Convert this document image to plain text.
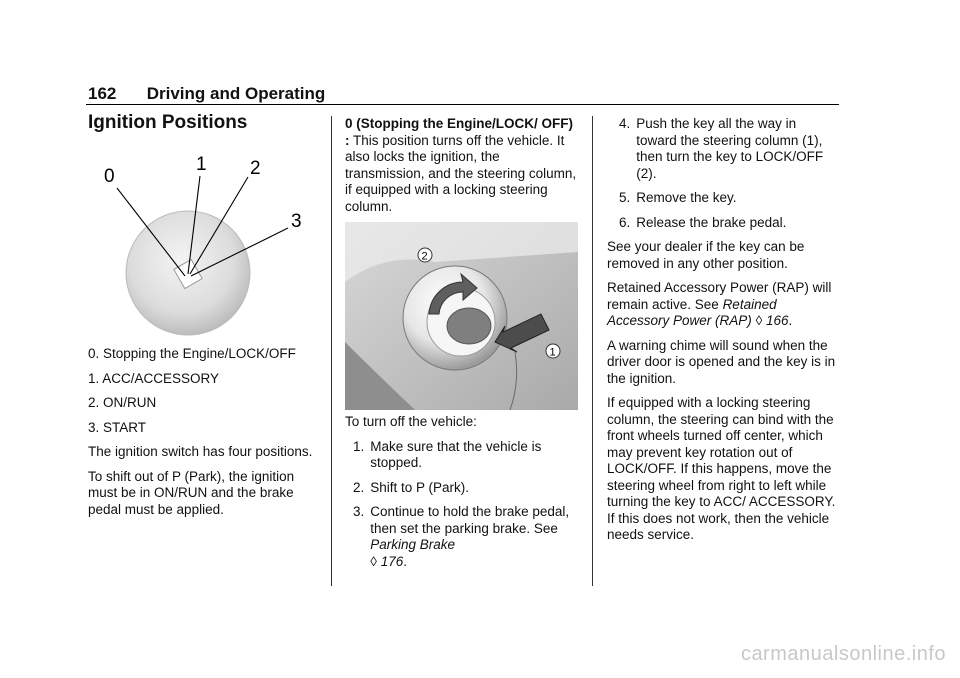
162 Driving and Operating
Ignition Positions
0
1 2
3

0. Stopping the Engine/LOCK/OFF

1. ACC/ACCESSORY

2. ON/RUN

3. START

The ignition switch has four positions.

To shift out of P (Park), the ignition must be in ON/RUN and the brake pedal must be applied.

0 (Stopping the Engine/LOCK/ OFF) : This position turns off the vehicle. It also locks the ignition, the transmission, and the steering column, if equipped with a locking steering column.

2
1

To turn off the vehicle:

1. Make sure that the vehicle is stopped.
2. Shift to P (Park).
3. Continue to hold the brake pedal, then set the parking brake. See Parking Brake
◊ 176.
4. Push the key all the way in toward the steering column (1), then turn the key to LOCK/OFF (2).
5. Remove the key.
6. Release the brake pedal.

See your dealer if the key can be removed in any other position.

Retained Accessory Power (RAP) will remain active. See Retained Accessory Power (RAP) ◊ 166.

A warning chime will sound when the driver door is opened and the key is in the ignition.

If equipped with a locking steering column, the steering can bind with the front wheels turned off center, which may prevent key rotation out of LOCK/OFF. If this happens, move the steering wheel from right to left while turning the key to ACC/ ACCESSORY. If this does not work, then the vehicle needs service.

carmanualsonline.info
